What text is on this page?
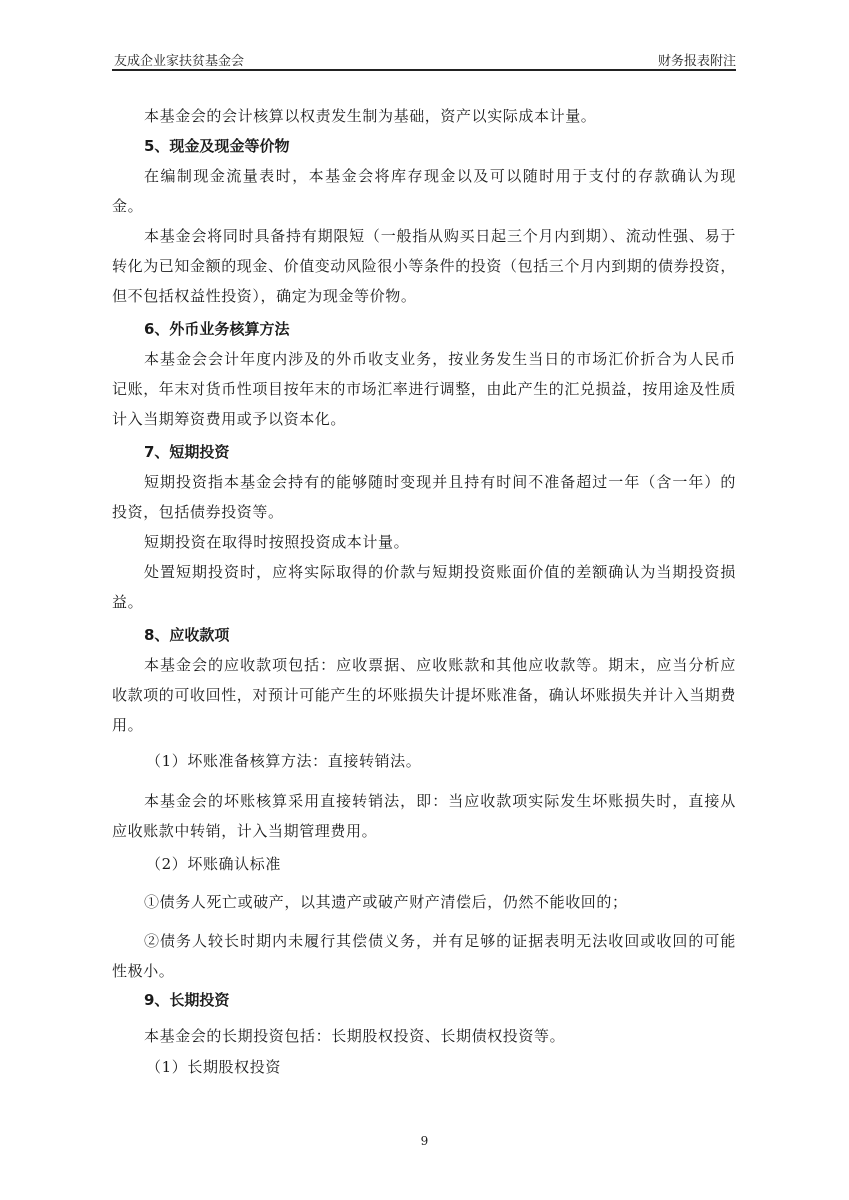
友成企业家扶贫基金会	财务报表附注
本基金会的会计核算以权责发生制为基础，资产以实际成本计量。
5、现金及现金等价物
在编制现金流量表时，本基金会将库存现金以及可以随时用于支付的存款确认为现金。
本基金会将同时具备持有期限短（一般指从购买日起三个月内到期）、流动性强、易于转化为已知金额的现金、价值变动风险很小等条件的投资（包括三个月内到期的债券投资，但不包括权益性投资），确定为现金等价物。
6、外币业务核算方法
本基金会会计年度内涉及的外币收支业务，按业务发生当日的市场汇价折合为人民币记账，年末对货币性项目按年末的市场汇率进行调整，由此产生的汇兑损益，按用途及性质计入当期筹资费用或予以资本化。
7、短期投资
短期投资指本基金会持有的能够随时变现并且持有时间不准备超过一年（含一年）的投资，包括债券投资等。
短期投资在取得时按照投资成本计量。
处置短期投资时，应将实际取得的价款与短期投资账面价值的差额确认为当期投资损益。
8、应收款项
本基金会的应收款项包括：应收票据、应收账款和其他应收款等。期末，应当分析应收款项的可收回性，对预计可能产生的坏账损失计提坏账准备，确认坏账损失并计入当期费用。
（1）坏账准备核算方法：直接转销法。
本基金会的坏账核算采用直接转销法，即：当应收款项实际发生坏账损失时，直接从应收账款中转销，计入当期管理费用。
（2）坏账确认标准
①债务人死亡或破产，以其遗产或破产财产清偿后，仍然不能收回的；
②债务人较长时期内未履行其偿债义务，并有足够的证据表明无法收回或收回的可能性极小。
9、长期投资
本基金会的长期投资包括：长期股权投资、长期债权投资等。
（1）长期股权投资
9
